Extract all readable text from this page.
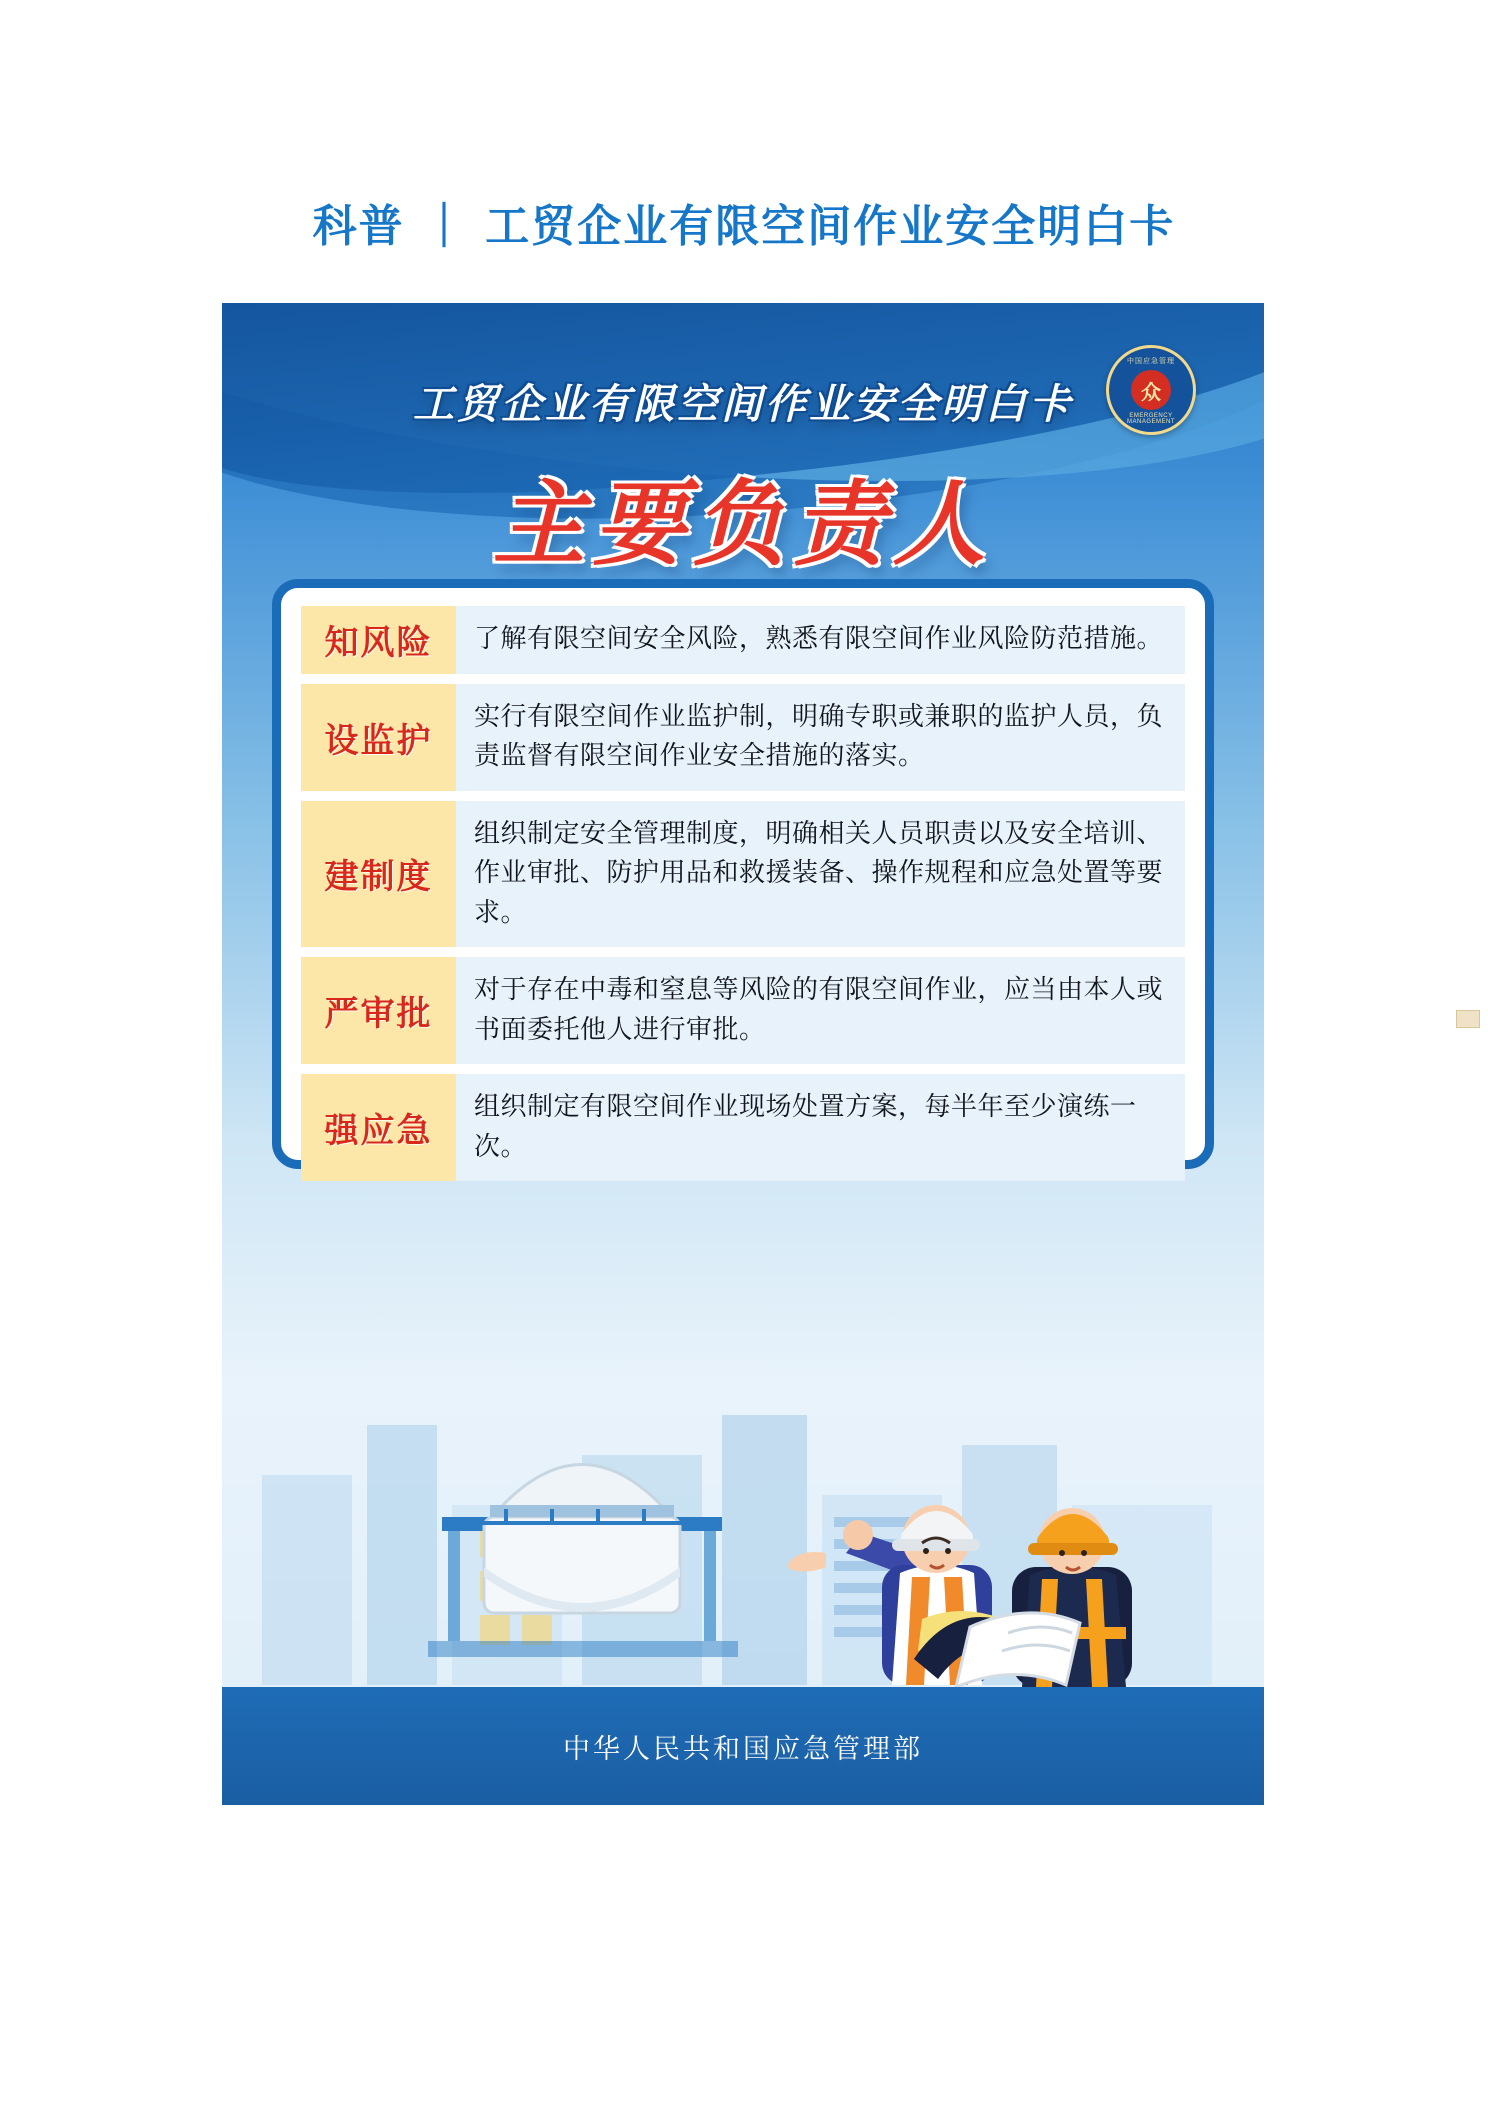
科普 ｜ 工贸企业有限空间作业安全明白卡
工贸企业有限空间作业安全明白卡
主要负责人
中国应急管理
众
EMERGENCY MANAGEMENT
知风险	了解有限空间安全风险，熟悉有限空间作业风险防范措施。
设监护
实行有限空间作业监护制，明确专职或兼职的监护人员，负责监督有限空间作业安全措施的落实。
建制度
组织制定安全管理制度，明确相关人员职责以及安全培训、作业审批、防护用品和救援装备、操作规程和应急处置等要求。
严审批
对于存在中毒和窒息等风险的有限空间作业，应当由本人或书面委托他人进行审批。
强应急
组织制定有限空间作业现场处置方案，每半年至少演练一次。
中华人民共和国应急管理部
